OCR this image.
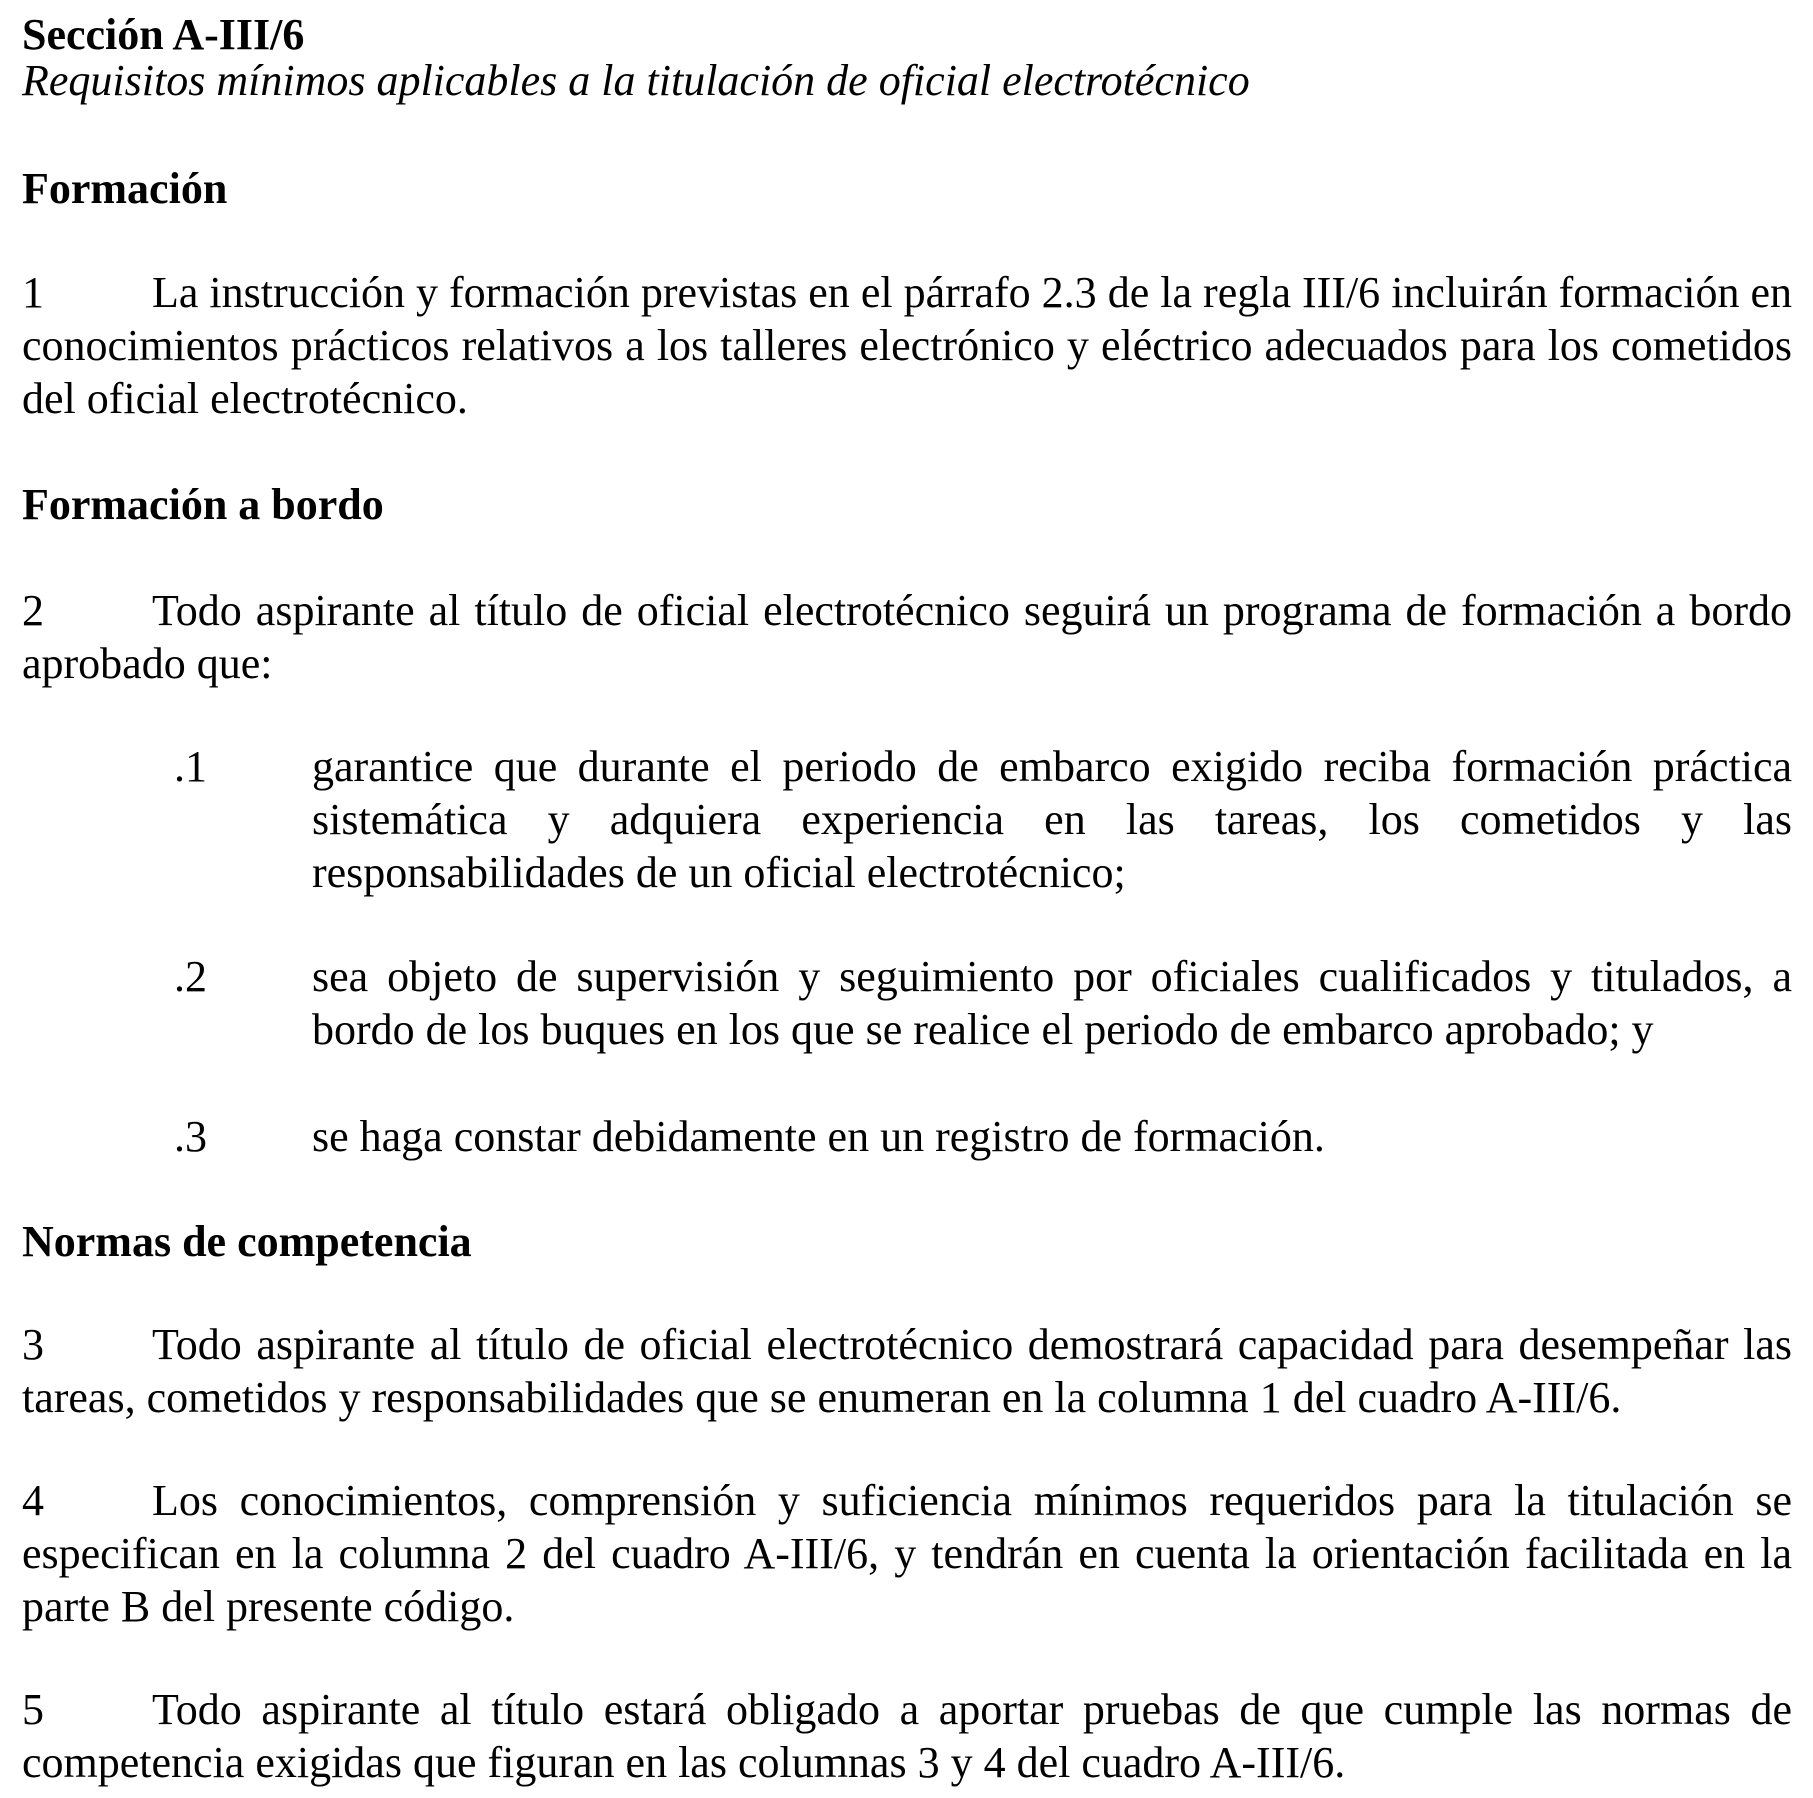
Sección A-III/6
Requisitos mínimos aplicables a la titulación de oficial electrotécnico
Formación

1 La instrucción y formación previstas en el párrafo 2.3 de la regla III/6 incluirán formación en conocimientos prácticos relativos a los talleres electrónico y eléctrico adecuados para los cometidos del oficial electrotécnico.

Formación a bordo

2 Todo aspirante al título de oficial electrotécnico seguirá un programa de formación a bordo aprobado que:

.1 garantice que durante el periodo de embarco exigido reciba formación práctica sistemática y adquiera experiencia en las tareas, los cometidos y las responsabilidades de un oficial electrotécnico;
.2 sea objeto de supervisión y seguimiento por oficiales cualificados y titulados, a bordo de los buques en los que se realice el periodo de embarco aprobado; y
.3 se haga constar debidamente en un registro de formación.
Normas de competencia

3 Todo aspirante al título de oficial electrotécnico demostrará capacidad para desempeñar las tareas, cometidos y responsabilidades que se enumeran en la columna 1 del cuadro A-III/6.

4 Los conocimientos, comprensión y suficiencia mínimos requeridos para la titulación se especifican en la columna 2 del cuadro A-III/6, y tendrán en cuenta la orientación facilitada en la parte B del presente código.

5 Todo aspirante al título estará obligado a aportar pruebas de que cumple las normas de competencia exigidas que figuran en las columnas 3 y 4 del cuadro A-III/6.
